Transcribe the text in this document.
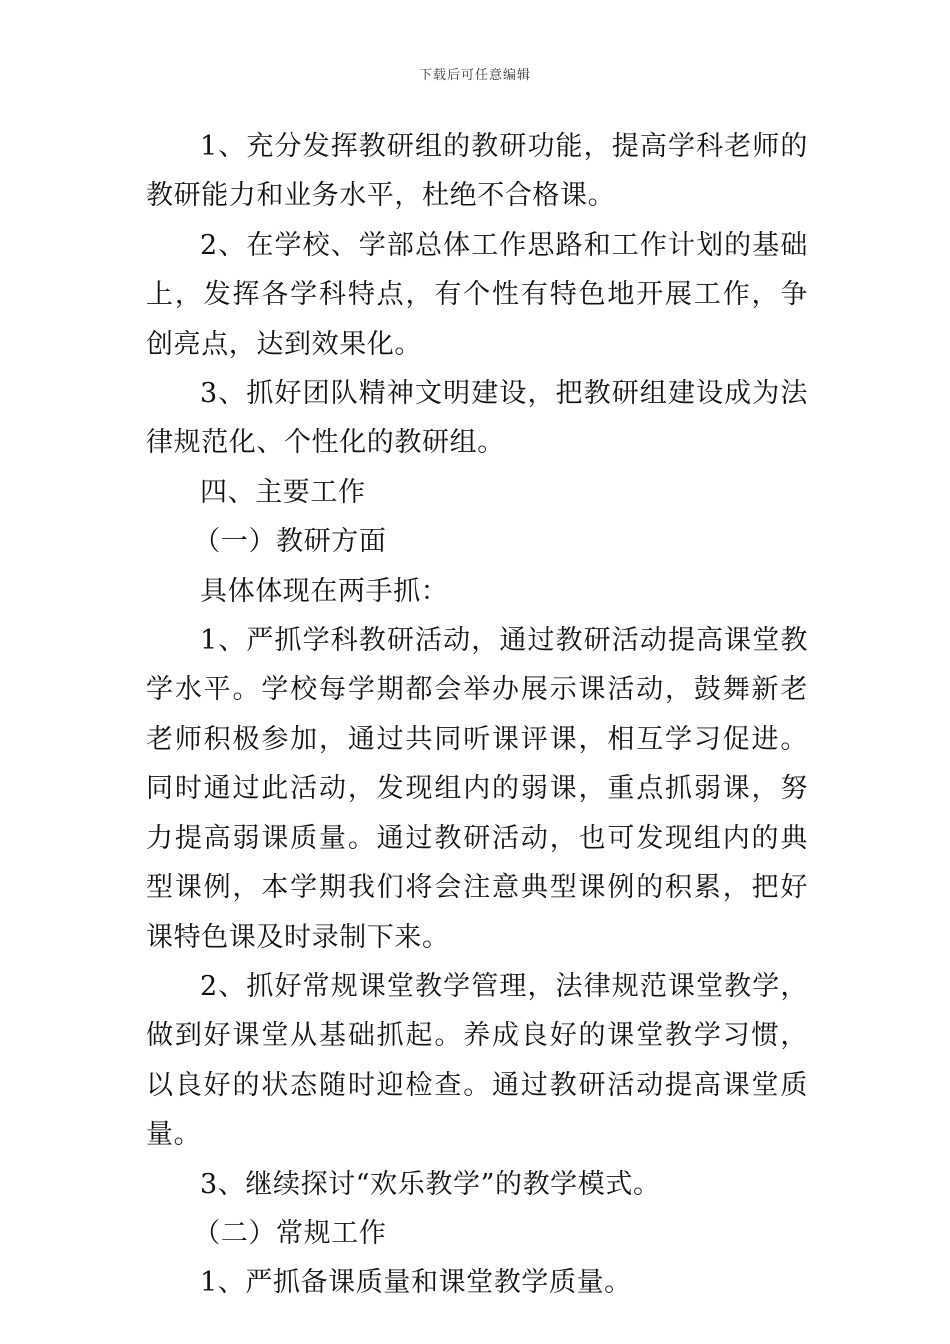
下载后可任意编辑

1、充分发挥教研组的教研功能，提高学科老师的教研能力和业务水平，杜绝不合格课。

2、在学校、学部总体工作思路和工作计划的基础上，发挥各学科特点，有个性有特色地开展工作，争创亮点，达到效果化。

3、抓好团队精神文明建设，把教研组建设成为法律规范化、个性化的教研组。

四、主要工作

（一）教研方面

具体体现在两手抓：

1、严抓学科教研活动，通过教研活动提高课堂教学水平。学校每学期都会举办展示课活动，鼓舞新老老师积极参加，通过共同听课评课，相互学习促进。同时通过此活动，发现组内的弱课，重点抓弱课，努力提高弱课质量。通过教研活动，也可发现组内的典型课例，本学期我们将会注意典型课例的积累，把好课特色课及时录制下来。

2、抓好常规课堂教学管理，法律规范课堂教学，做到好课堂从基础抓起。养成良好的课堂教学习惯，以良好的状态随时迎检查。通过教研活动提高课堂质量。

3、继续探讨“欢乐教学”的教学模式。

（二）常规工作

1、严抓备课质量和课堂教学质量。
